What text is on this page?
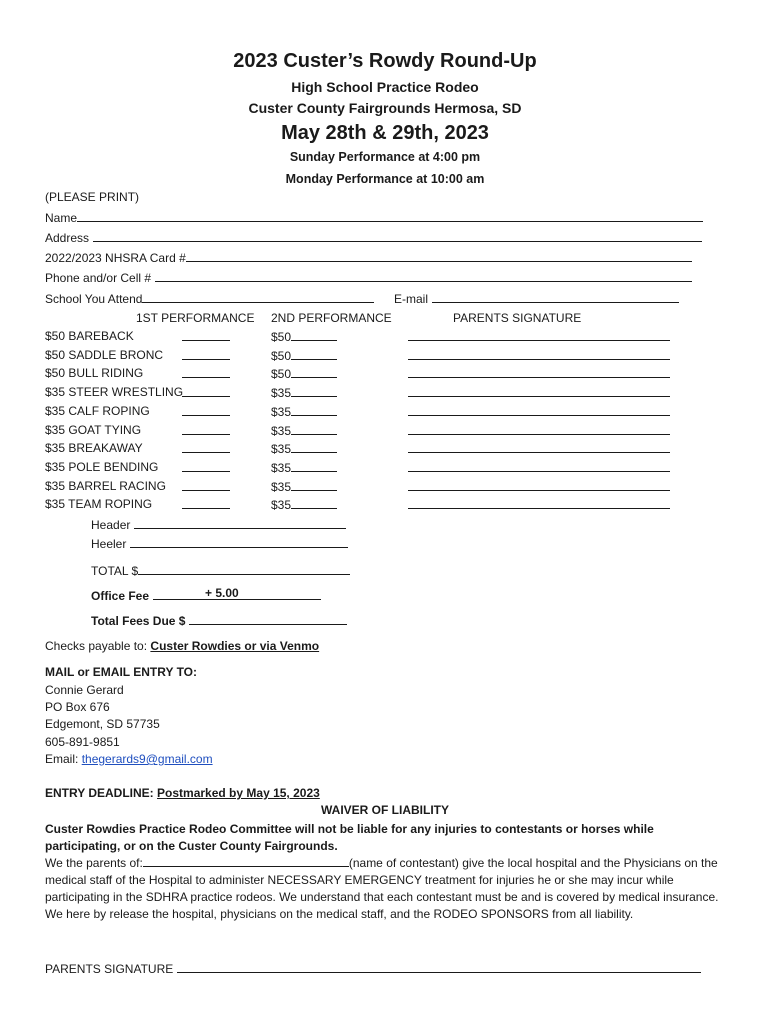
2023 Custer’s Rowdy Round-Up
High School Practice Rodeo
Custer County Fairgrounds Hermosa, SD
May 28th & 29th, 2023
Sunday Performance at 4:00 pm
Monday Performance at 10:00 am
(PLEASE PRINT)
Name
Address
2022/2023 NHSRA Card #
Phone and/or Cell #
School You Attend	E-mail
1ST PERFORMANCE 2ND PERFORMANCE	PARENTS SIGNATURE
$50 BAREBACK	$50
$50 SADDLE BRONC	$50
$50 BULL RIDING	$50
$35 STEER WRESTLING	$35
$35 CALF ROPING	$35
$35 GOAT TYING	$35
$35 BREAKAWAY	$35
$35 POLE BENDING	$35
$35 BARREL RACING	$35
$35 TEAM ROPING	$35
Header
Heeler
TOTAL $
Office Fee	+ 5.00
Total Fees Due $
Checks payable to: Custer Rowdies or via Venmo
MAIL or EMAIL ENTRY TO:
Connie Gerard
PO Box 676
Edgemont, SD 57735
605-891-9851
Email: thegerards9@gmail.com
ENTRY DEADLINE: Postmarked by May 15, 2023
WAIVER OF LIABILITY
Custer Rowdies Practice Rodeo Committee will not be liable for any injuries to contestants or horses while participating, or on the Custer County Fairgrounds.
We the parents of:	(name of contestant) give the local hospital and the Physicians on the medical staff of the Hospital to administer NECESSARY EMERGENCY treatment for injuries he or she may incur while participating in the SDHRA practice rodeos. We understand that each contestant must be and is covered by medical insurance. We here by release the hospital, physicians on the medical staff, and the RODEO SPONSORS from all liability.
PARENTS SIGNATURE
